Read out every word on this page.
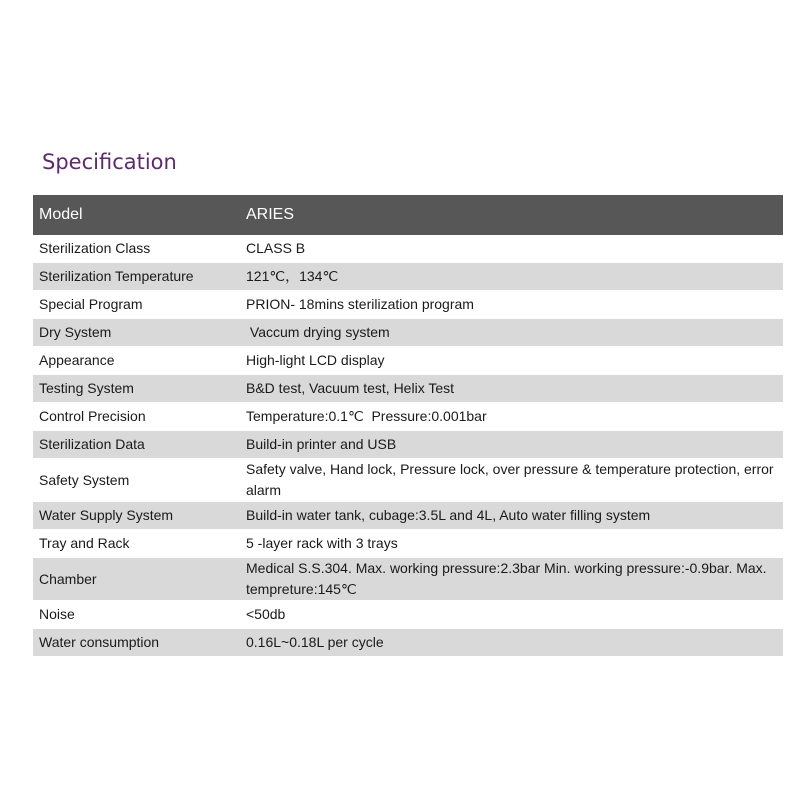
Specification
Model	ARIES
Sterilization Class	CLASS B
Sterilization Temperature	121℃，134℃
Special Program	PRION- 18mins sterilization program
Dry System	Vaccum drying system
Appearance	High-light LCD display
Testing System	B&D test, Vacuum test, Helix Test
Control Precision	Temperature:0.1℃  Pressure:0.001bar
Sterilization Data	Build-in printer and USB
Safety System	Safety valve, Hand lock, Pressure lock, over pressure & temperature protection, error alarm
Water Supply System	Build-in water tank, cubage:3.5L and 4L, Auto water filling system
Tray and Rack	5 -layer rack with 3 trays
Chamber	Medical S.S.304. Max. working pressure:2.3bar Min. working pressure:-0.9bar. Max. tempreture:145℃
Noise	<50db
Water consumption	0.16L~0.18L per cycle
